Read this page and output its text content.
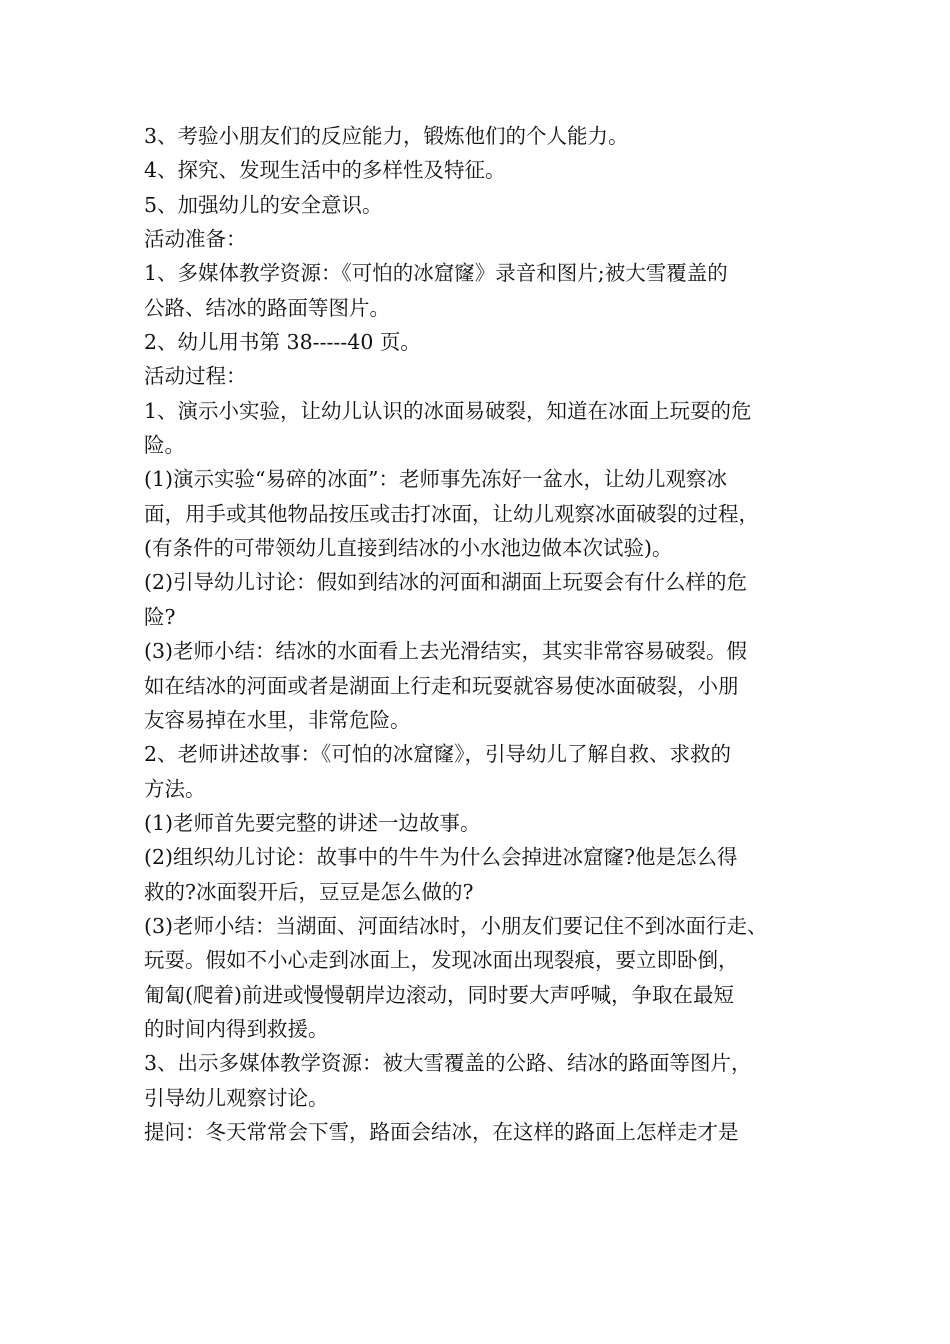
3、考验小朋友们的反应能力，锻炼他们的个人能力。
4、探究、发现生活中的多样性及特征。
5、加强幼儿的安全意识。
活动准备：
1、多媒体教学资源：《可怕的冰窟窿》录音和图片;被大雪覆盖的
公路、结冰的路面等图片。
2、幼儿用书第 38-----40 页。
活动过程：
1、演示小实验，让幼儿认识的冰面易破裂，知道在冰面上玩耍的危
险。
(1)演示实验“易碎的冰面”：老师事先冻好一盆水，让幼儿观察冰
面，用手或其他物品按压或击打冰面，让幼儿观察冰面破裂的过程，
(有条件的可带领幼儿直接到结冰的小水池边做本次试验)。
(2)引导幼儿讨论：假如到结冰的河面和湖面上玩耍会有什么样的危
险?
(3)老师小结：结冰的水面看上去光滑结实，其实非常容易破裂。假
如在结冰的河面或者是湖面上行走和玩耍就容易使冰面破裂，小朋
友容易掉在水里，非常危险。
2、老师讲述故事：《可怕的冰窟窿》，引导幼儿了解自救、求救的
方法。
(1)老师首先要完整的讲述一边故事。
(2)组织幼儿讨论：故事中的牛牛为什么会掉进冰窟窿?他是怎么得
救的?冰面裂开后，豆豆是怎么做的?
(3)老师小结：当湖面、河面结冰时，小朋友们要记住不到冰面行走、
玩耍。假如不小心走到冰面上，发现冰面出现裂痕，要立即卧倒，
匍匐(爬着)前进或慢慢朝岸边滚动，同时要大声呼喊，争取在最短
的时间内得到救援。
3、出示多媒体教学资源：被大雪覆盖的公路、结冰的路面等图片，
引导幼儿观察讨论。
提问：冬天常常会下雪，路面会结冰，在这样的路面上怎样走才是
